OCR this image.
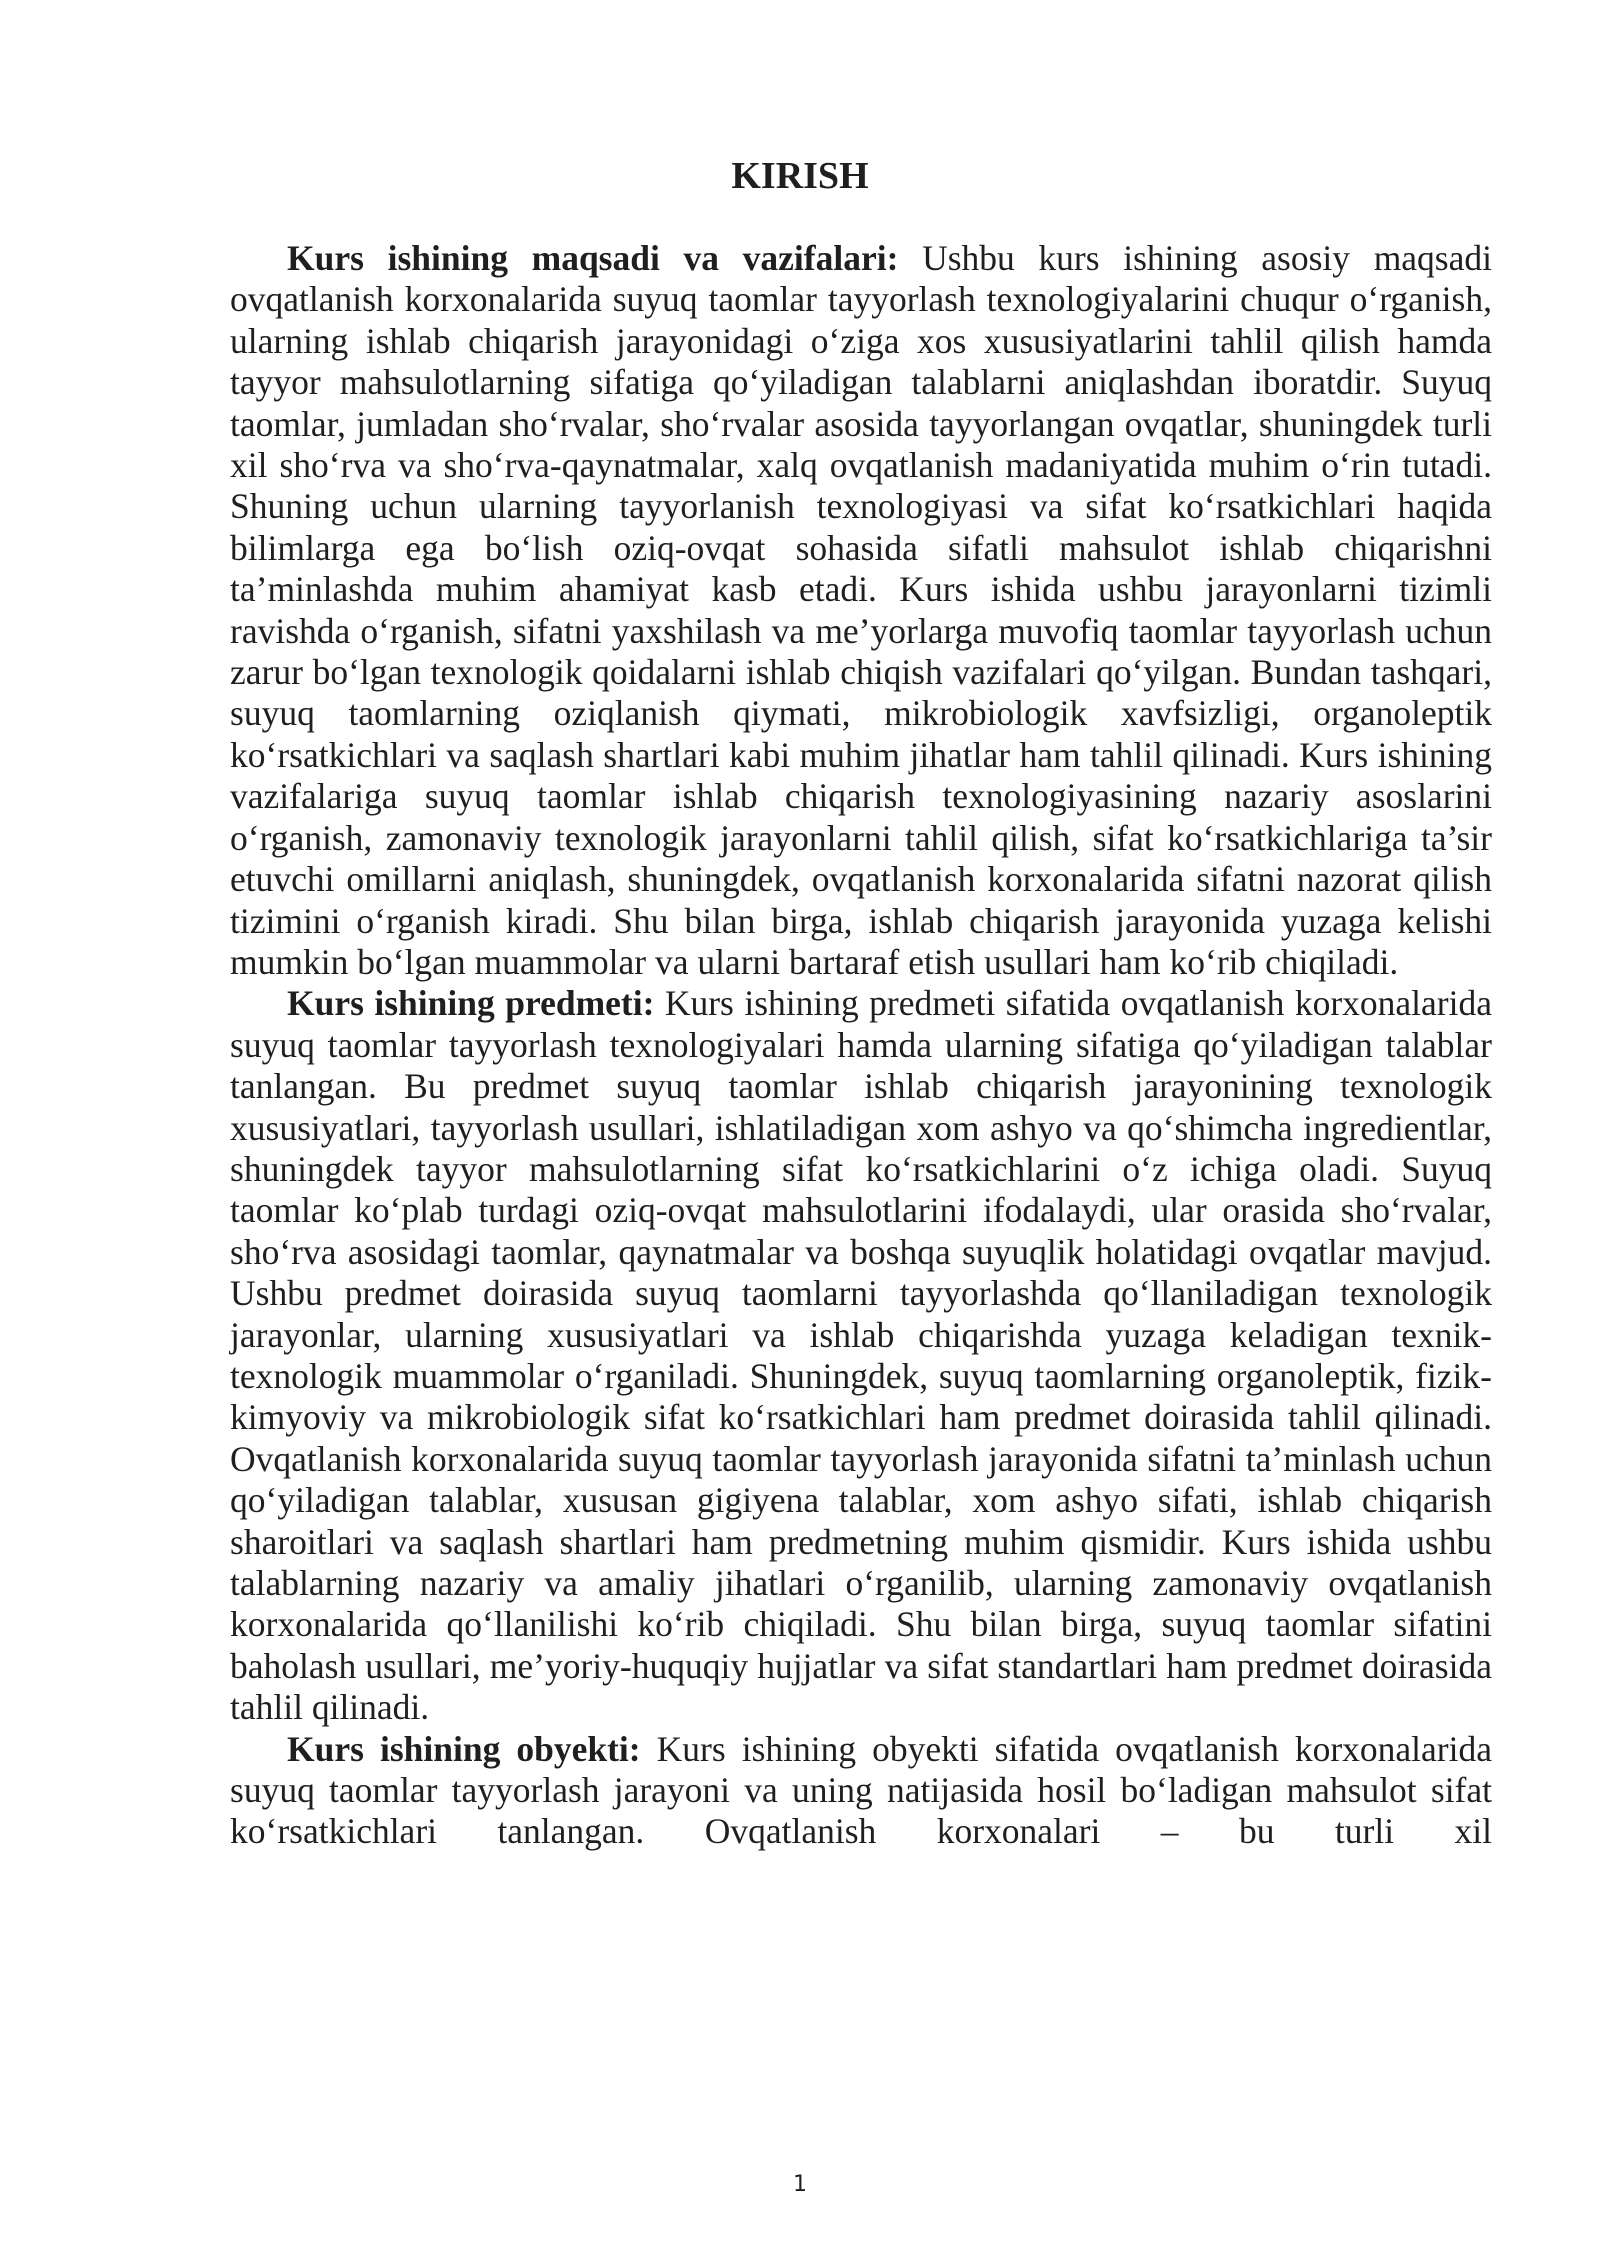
KIRISH

Kurs ishining maqsadi va vazifalari: Ushbu kurs ishining asosiy maqsadi ovqatlanish korxonalarida suyuq taomlar tayyorlash texnologiyalarini chuqur o‘rganish, ularning ishlab chiqarish jarayonidagi o‘ziga xos xususiyatlarini tahlil qilish hamda tayyor mahsulotlarning sifatiga qo‘yiladigan talablarni aniqlashdan iboratdir. Suyuq taomlar, jumladan sho‘rvalar, sho‘rvalar asosida tayyorlangan ovqatlar, shuningdek turli xil sho‘rva va sho‘rva-qaynatmalar, xalq ovqatlanish madaniyatida muhim o‘rin tutadi. Shuning uchun ularning tayyorlanish texnologiyasi va sifat ko‘rsatkichlari haqida bilimlarga ega bo‘lish oziq-ovqat sohasida sifatli mahsulot ishlab chiqarishni ta’minlashda muhim ahamiyat kasb etadi. Kurs ishida ushbu jarayonlarni tizimli ravishda o‘rganish, sifatni yaxshilash va me’yorlarga muvofiq taomlar tayyorlash uchun zarur bo‘lgan texnologik qoidalarni ishlab chiqish vazifalari qo‘yilgan. Bundan tashqari, suyuq taomlarning oziqlanish qiymati, mikrobiologik xavfsizligi, organoleptik ko‘rsatkichlari va saqlash shartlari kabi muhim jihatlar ham tahlil qilinadi. Kurs ishining vazifalariga suyuq taomlar ishlab chiqarish texnologiyasining nazariy asoslarini o‘rganish, zamonaviy texnologik jarayonlarni tahlil qilish, sifat ko‘rsatkichlariga ta’sir etuvchi omillarni aniqlash, shuningdek, ovqatlanish korxonalarida sifatni nazorat qilish tizimini o‘rganish kiradi. Shu bilan birga, ishlab chiqarish jarayonida yuzaga kelishi mumkin bo‘lgan muammolar va ularni bartaraf etish usullari ham ko‘rib chiqiladi.

Kurs ishining predmeti: Kurs ishining predmeti sifatida ovqatlanish korxonalarida suyuq taomlar tayyorlash texnologiyalari hamda ularning sifatiga qo‘yiladigan talablar tanlangan. Bu predmet suyuq taomlar ishlab chiqarish jarayonining texnologik xususiyatlari, tayyorlash usullari, ishlatiladigan xom ashyo va qo‘shimcha ingredientlar, shuningdek tayyor mahsulotlarning sifat ko‘rsatkichlarini o‘z ichiga oladi. Suyuq taomlar ko‘plab turdagi oziq-ovqat mahsulotlarini ifodalaydi, ular orasida sho‘rvalar, sho‘rva asosidagi taomlar, qaynatmalar va boshqa suyuqlik holatidagi ovqatlar mavjud. Ushbu predmet doirasida suyuq taomlarni tayyorlashda qo‘llaniladigan texnologik jarayonlar, ularning xususiyatlari va ishlab chiqarishda yuzaga keladigan texnik-texnologik muammolar o‘rganiladi. Shuningdek, suyuq taomlarning organoleptik, fizik-kimyoviy va mikrobiologik sifat ko‘rsatkichlari ham predmet doirasida tahlil qilinadi. Ovqatlanish korxonalarida suyuq taomlar tayyorlash jarayonida sifatni ta’minlash uchun qo‘yiladigan talablar, xususan gigiyena talablar, xom ashyo sifati, ishlab chiqarish sharoitlari va saqlash shartlari ham predmetning muhim qismidir. Kurs ishida ushbu talablarning nazariy va amaliy jihatlari o‘rganilib, ularning zamonaviy ovqatlanish korxonalarida qo‘llanilishi ko‘rib chiqiladi. Shu bilan birga, suyuq taomlar sifatini baholash usullari, me’yoriy-huquqiy hujjatlar va sifat standartlari ham predmet doirasida tahlil qilinadi.

Kurs ishining obyekti: Kurs ishining obyekti sifatida ovqatlanish korxonalarida suyuq taomlar tayyorlash jarayoni va uning natijasida hosil bo‘ladigan mahsulot sifat ko‘rsatkichlari tanlangan. Ovqatlanish korxonalari – bu turli xil

1
